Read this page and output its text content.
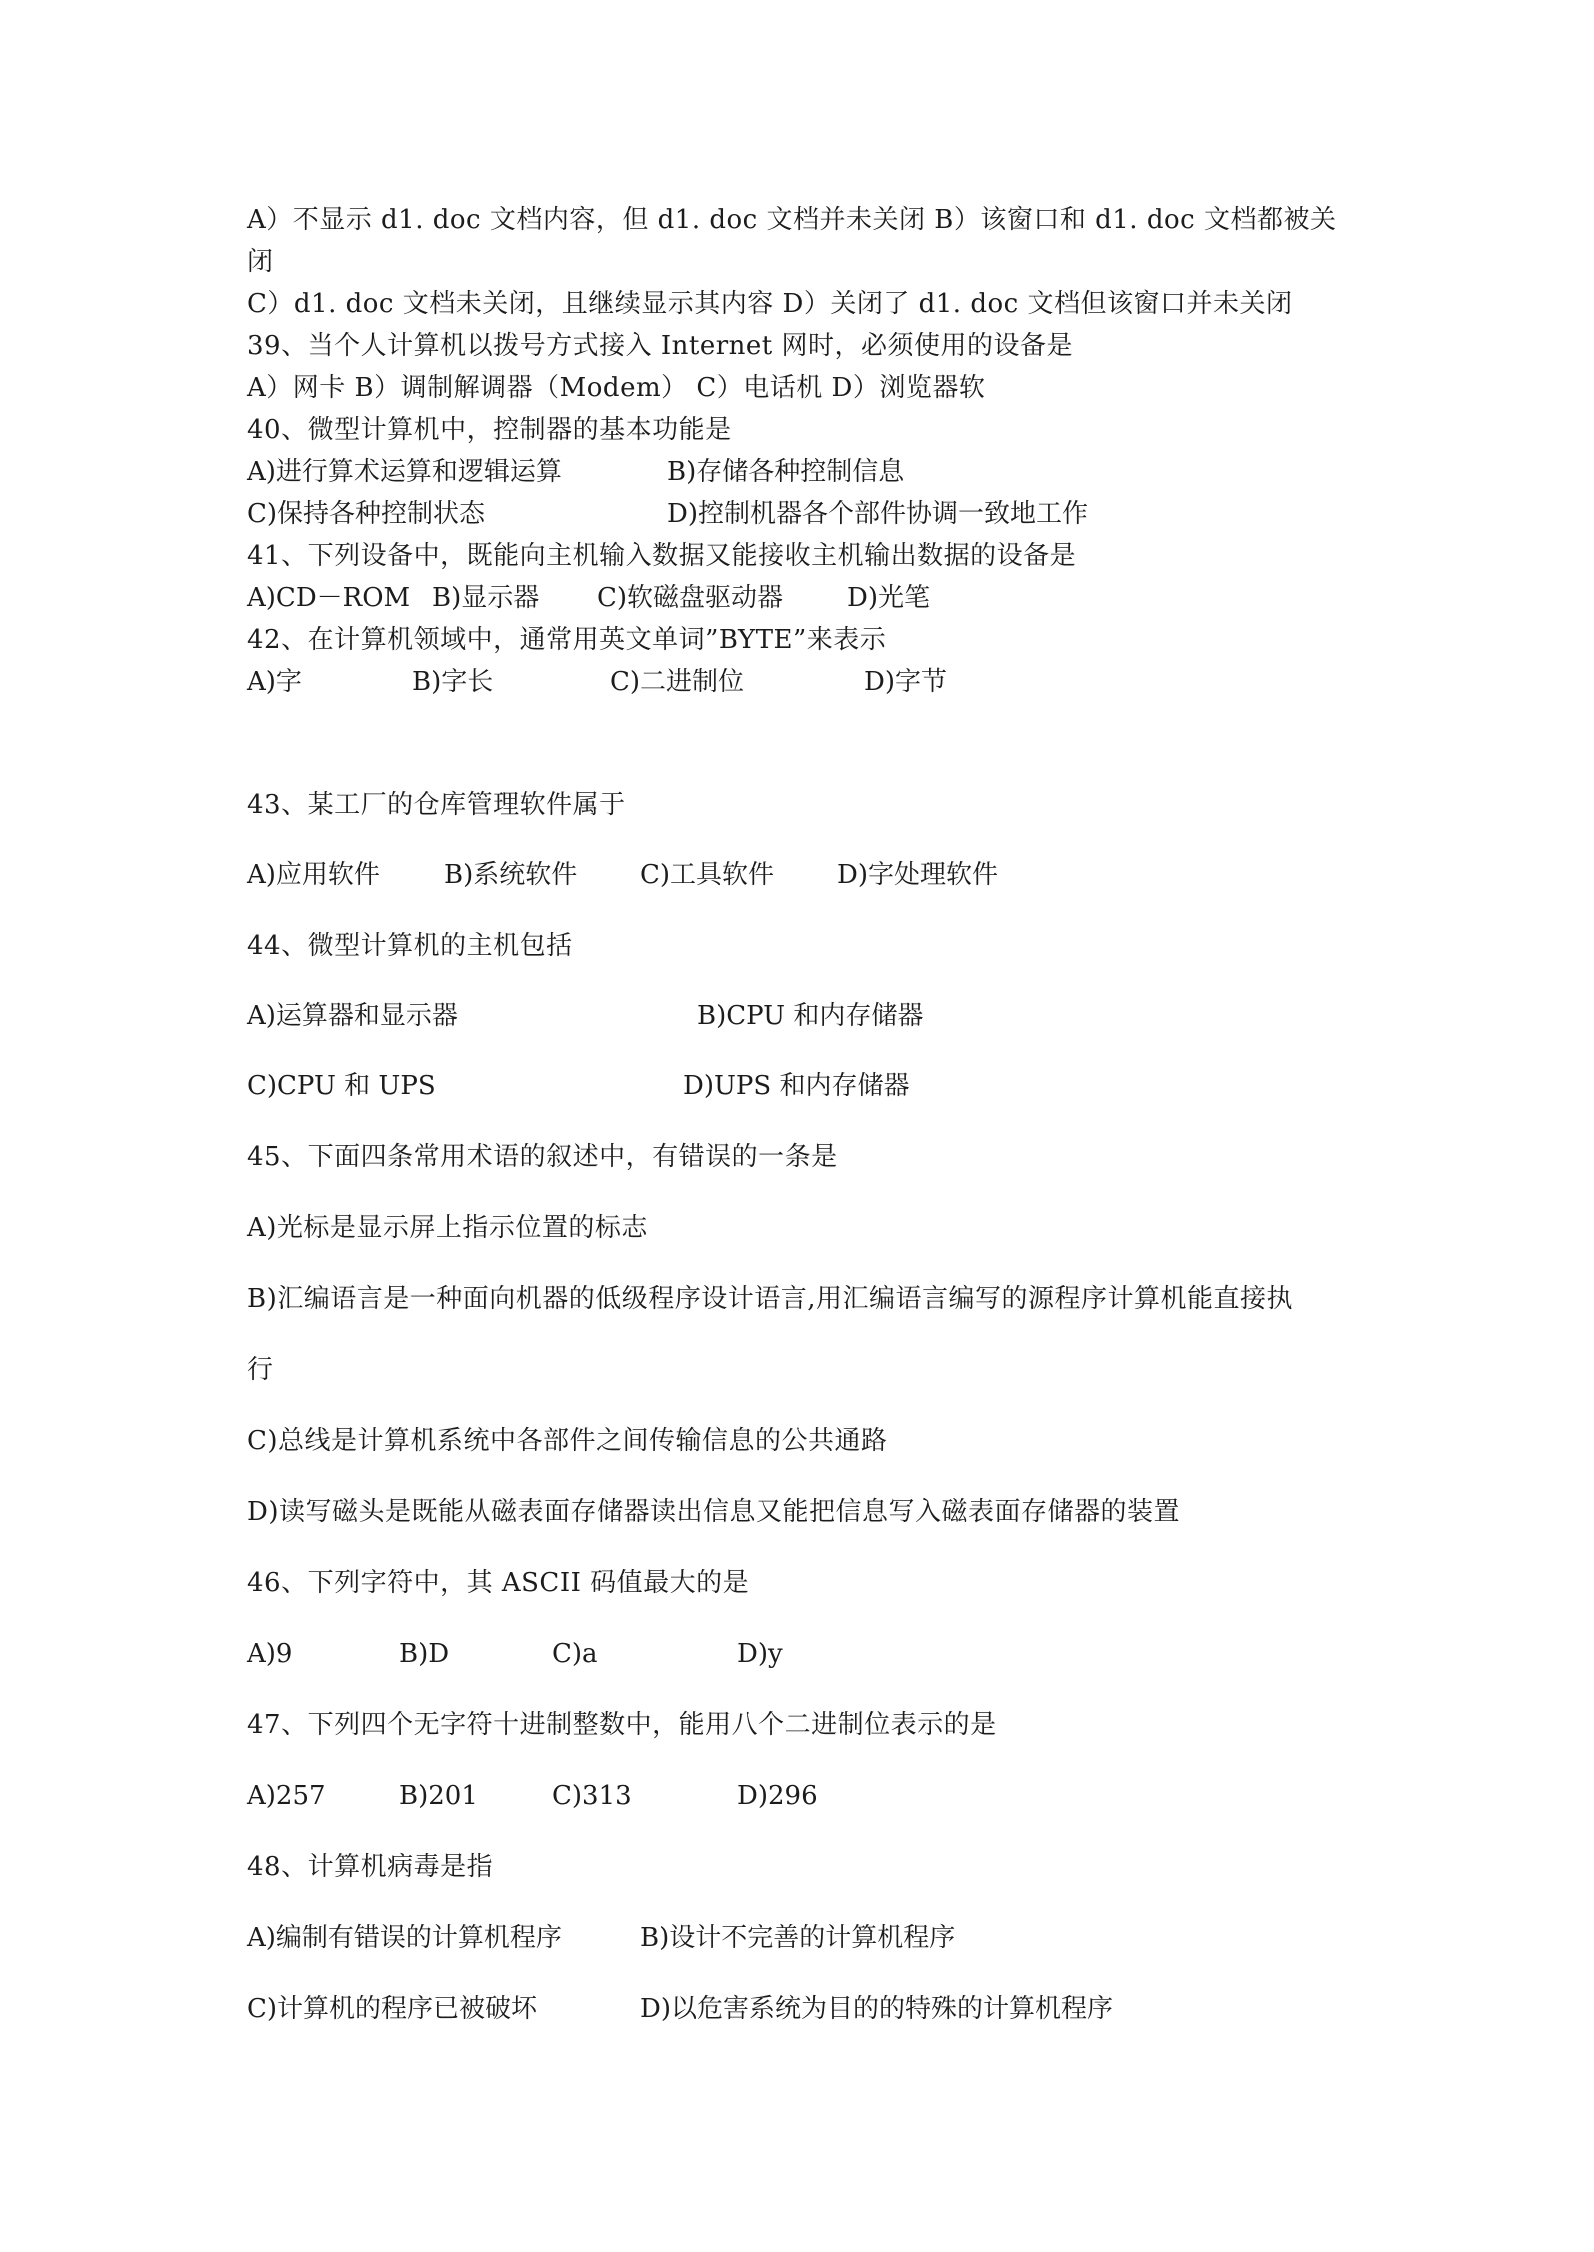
A）不显示 d1. doc 文档内容，但 d1. doc 文档并未关闭 B）该窗口和 d1. doc 文档都被关
闭
C）d1. doc 文档未关闭，且继续显示其内容 D）关闭了 d1. doc 文档但该窗口并未关闭
39、当个人计算机以拨号方式接入 Internet 网时，必须使用的设备是
A）网卡 B）调制解调器（Modem） C）电话机 D）浏览器软
40、微型计算机中，控制器的基本功能是

A)进行算术运算和逻辑运算

	B)存储各种控制信息

C)保持各种控制状态

	D)控制机器各个部件协调一致地工作

41、下列设备中，既能向主机输入数据又能接收主机输出数据的设备是

A)CD－ROM

B)显示器

C)软磁盘驱动器

D)光笔

42、在计算机领域中，通常用英文单词”BYTE”来表示

A)字

	B)字长

	C)二进制位

	D)字节

43、某工厂的仓库管理软件属于

A)应用软件

B)系统软件

C)工具软件

D)字处理软件

44、微型计算机的主机包括

A)运算器和显示器

	B)CPU 和内存储器

C)CPU 和 UPS

	D)UPS 和内存储器

45、下面四条常用术语的叙述中，有错误的一条是
A)光标是显示屏上指示位置的标志
B)汇编语言是一种面向机器的低级程序设计语言,用汇编语言编写的源程序计算机能直接执
行
C)总线是计算机系统中各部件之间传输信息的公共通路
D)读写磁头是既能从磁表面存储器读出信息又能把信息写入磁表面存储器的装置
46、下列字符中，其 ASCII 码值最大的是

A)9

	B)D

	C)a

	D)y

47、下列四个无字符十进制整数中，能用八个二进制位表示的是

A)257

	B)201

	C)313

	D)296

48、计算机病毒是指

A)编制有错误的计算机程序

	B)设计不完善的计算机程序

C)计算机的程序已被破坏

	D)以危害系统为目的的特殊的计算机程序
